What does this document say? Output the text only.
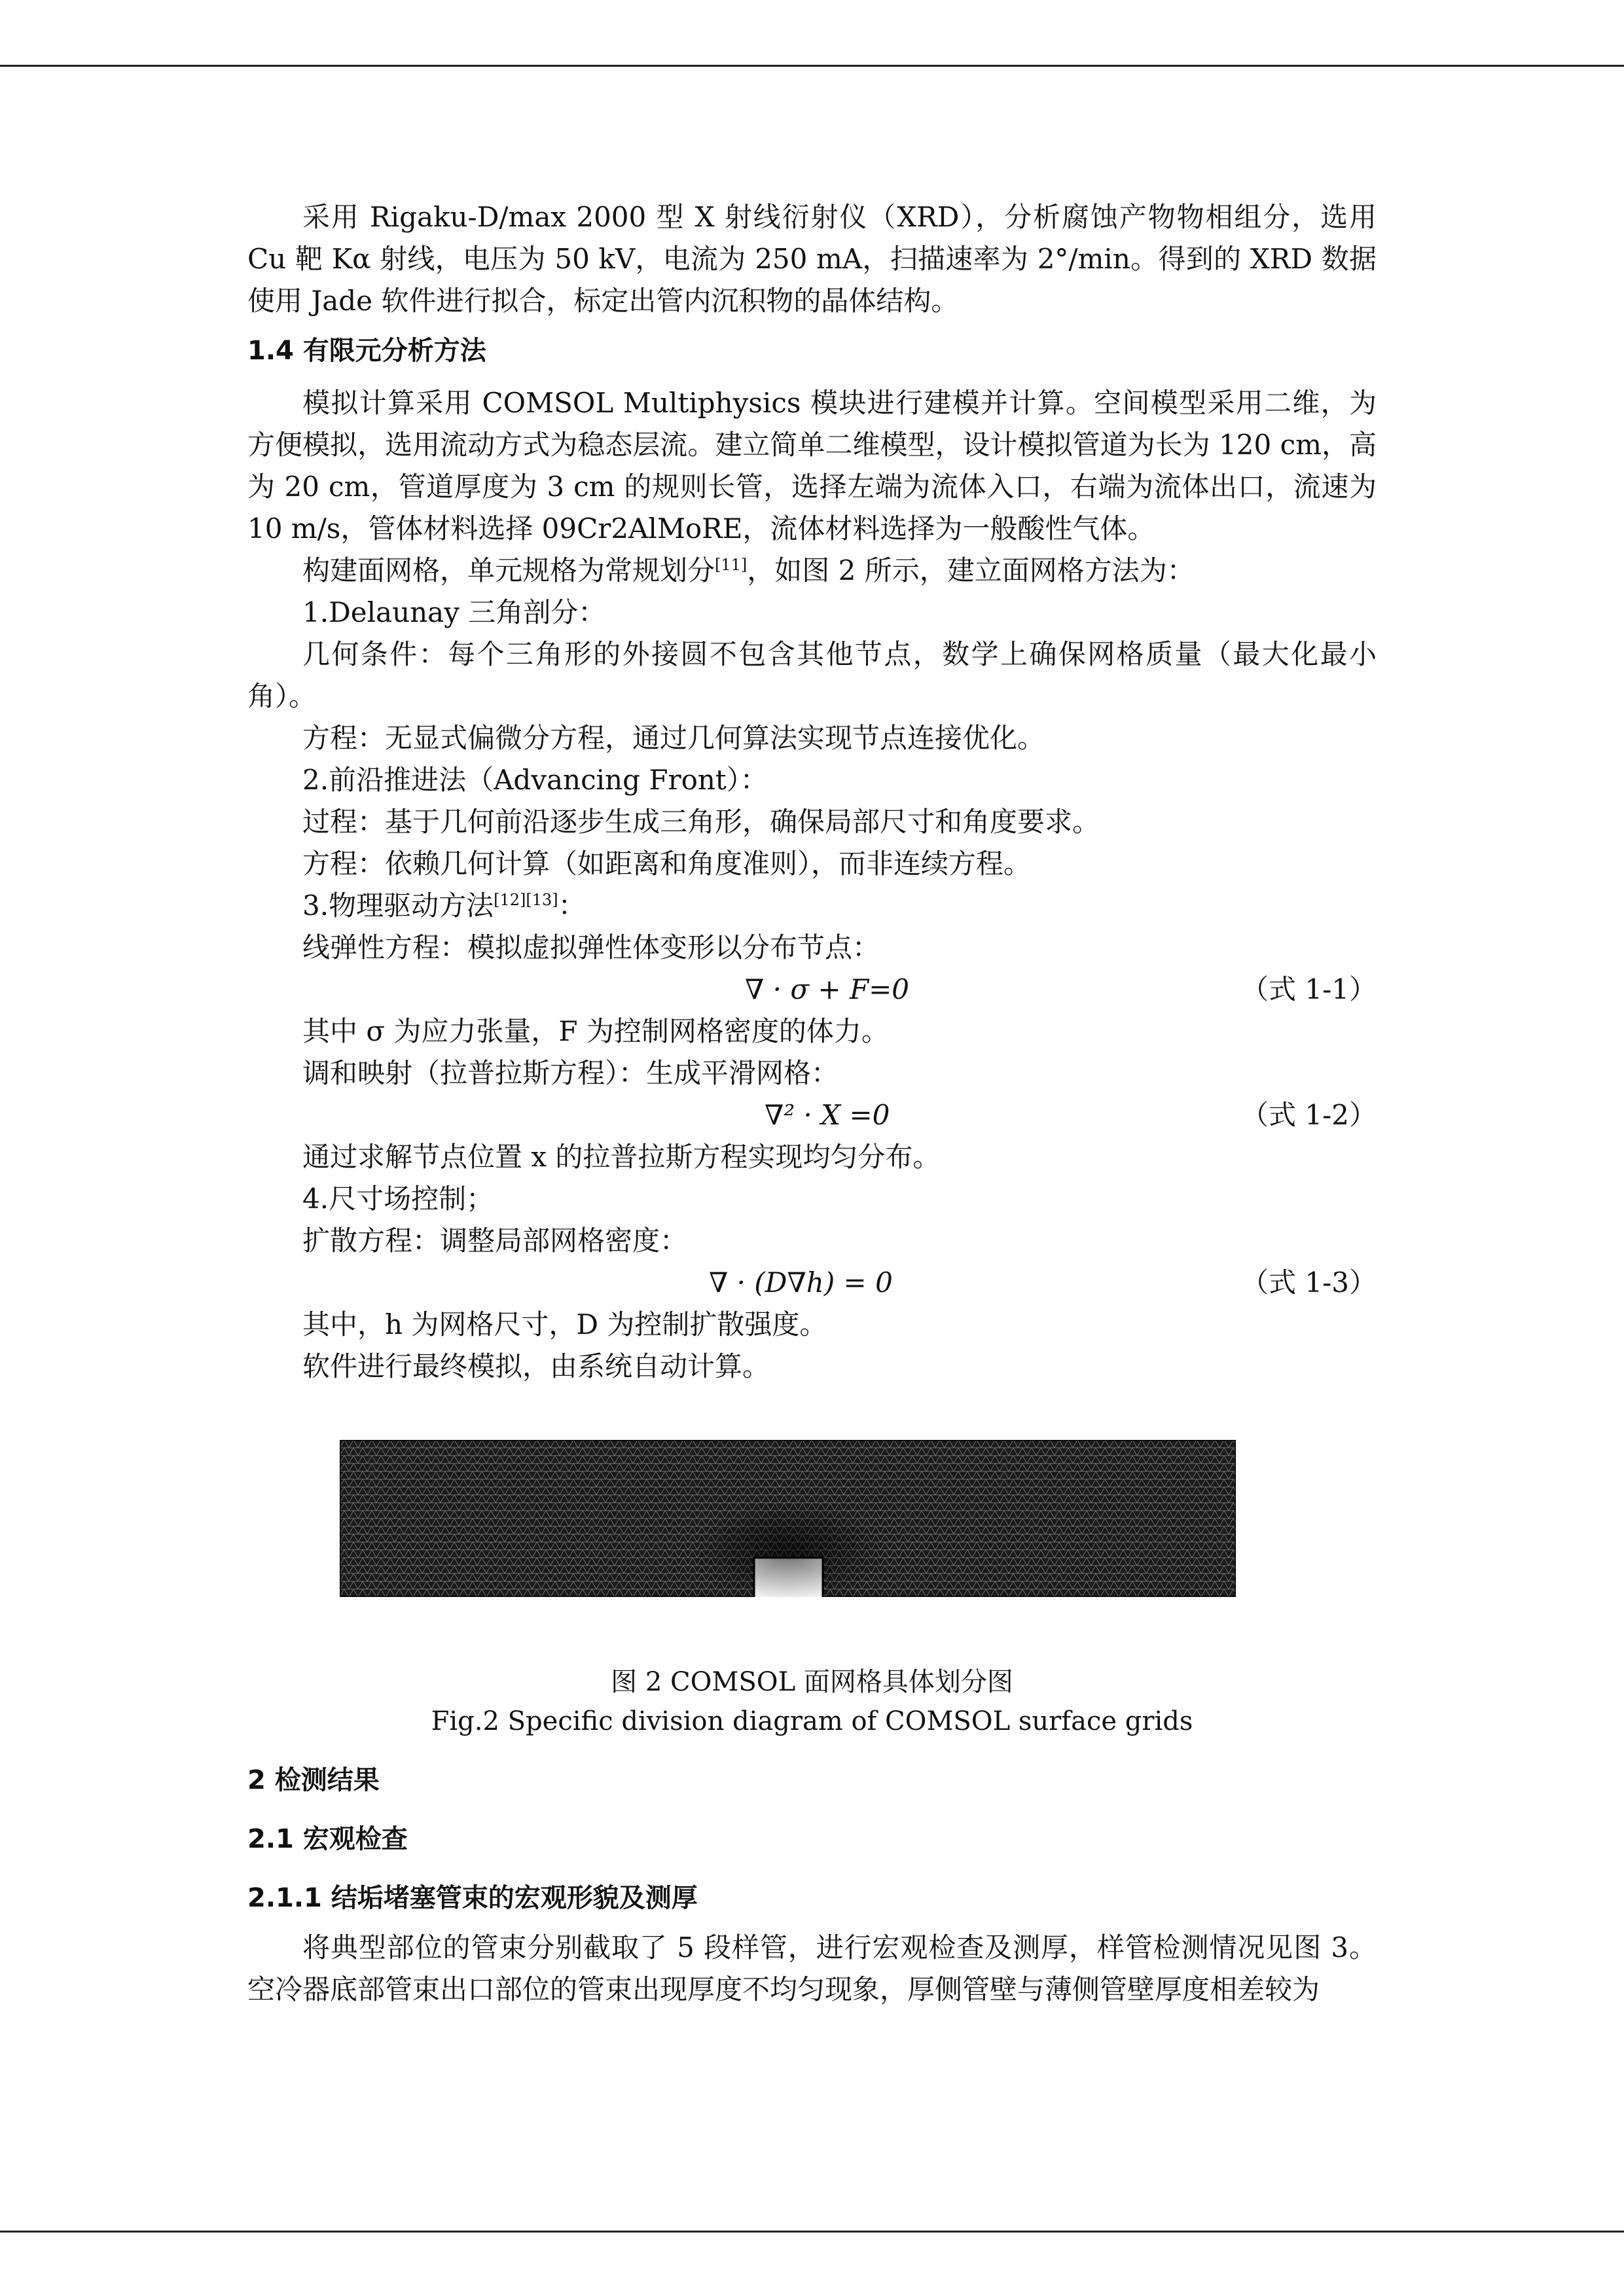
采用 Rigaku-D/max 2000 型 X 射线衍射仪（XRD），分析腐蚀产物物相组分，选用 Cu 靶 Kα 射线，电压为 50 kV，电流为 250 mA，扫描速率为 2°/min。得到的 XRD 数据使用 Jade 软件进行拟合，标定出管内沉积物的晶体结构。

1.4 有限元分析方法

模拟计算采用 COMSOL Multiphysics 模块进行建模并计算。空间模型采用二维，为方便模拟，选用流动方式为稳态层流。建立简单二维模型，设计模拟管道为长为 120 cm，高为 20 cm，管道厚度为 3 cm 的规则长管，选择左端为流体入口，右端为流体出口，流速为 10 m/s，管体材料选择 09Cr2AlMoRE，流体材料选择为一般酸性气体。

构建面网格，单元规格为常规划分[11]，如图 2 所示，建立面网格方法为：

1.Delaunay 三角剖分：

几何条件：每个三角形的外接圆不包含其他节点，数学上确保网格质量（最大化最小角）。

方程：无显式偏微分方程，通过几何算法实现节点连接优化。

2.前沿推进法（Advancing Front）：

过程：基于几何前沿逐步生成三角形，确保局部尺寸和角度要求。

方程：依赖几何计算（如距离和角度准则），而非连续方程。

3.物理驱动方法[12][13]：

线弹性方程：模拟虚拟弹性体变形以分布节点：

∇ · σ + F=0	（式 1-1）

其中 σ 为应力张量，F 为控制网格密度的体力。

调和映射（拉普拉斯方程）：生成平滑网格：

∇² · X =0	（式 1-2）

通过求解节点位置 x 的拉普拉斯方程实现均匀分布。

4.尺寸场控制；

扩散方程：调整局部网格密度：

∇ · (D∇h) = 0	（式 1-3）

其中，h 为网格尺寸，D 为控制扩散强度。

软件进行最终模拟，由系统自动计算。

图 2 COMSOL 面网格具体划分图

Fig.2 Specific division diagram of COMSOL surface grids

2 检测结果
2.1 宏观检查
2.1.1 结垢堵塞管束的宏观形貌及测厚

将典型部位的管束分别截取了 5 段样管，进行宏观检查及测厚，样管检测情况见图 3。空冷器底部管束出口部位的管束出现厚度不均匀现象，厚侧管壁与薄侧管壁厚度相差较为
